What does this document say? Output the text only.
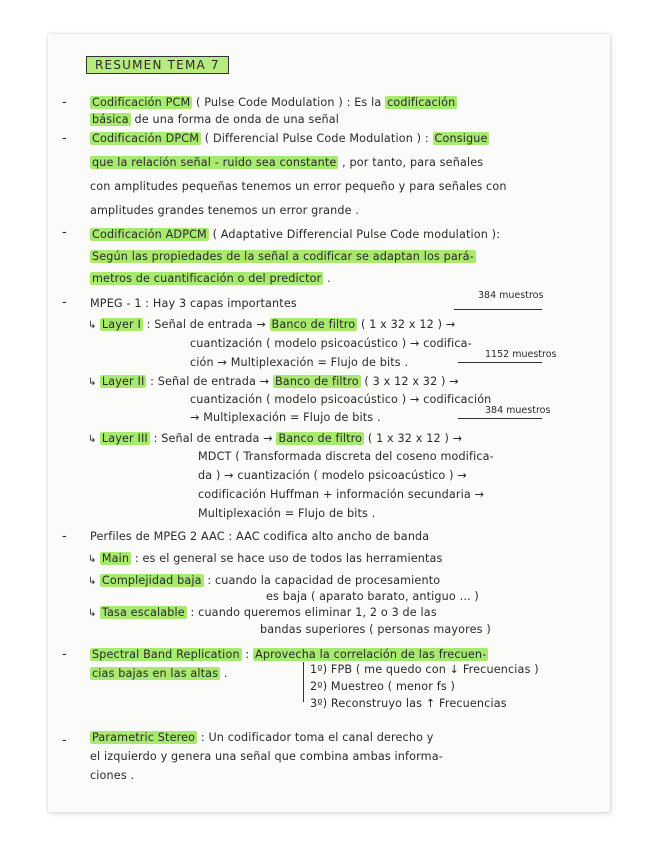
RESUMEN TEMA 7
- Codificación PCM ( Pulse Code Modulation ) : Es la codificación
básica de una forma de onda de una señal
- Codificación DPCM ( Differencial Pulse Code Modulation ) : Consigue
que la relación señal - ruido sea constante , por tanto, para señales
con amplitudes pequeñas tenemos un error pequeño y para señales con
amplitudes grandes tenemos un error grande .
- Codificación ADPCM ( Adaptative Differencial Pulse Code modulation ):
Según las propiedades de la señal a codificar se adaptan los pará-
metros de cuantificación o del predictor .
- MPEG - 1 : Hay 3 capas importantes
384 muestros
↳ Layer I : Señal de entrada → Banco de filtro ( 1 x 32 x 12 ) →
cuantización ( modelo psicoacústico ) → codifica-
ción → Multiplexación = Flujo de bits .
1152 muestros
↳ Layer II : Señal de entrada → Banco de filtro ( 3 x 12 x 32 ) →
cuantización ( modelo psicoacústico ) → codificación
→ Multiplexación = Flujo de bits .
384 muestros
↳ Layer III : Señal de entrada → Banco de filtro ( 1 x 32 x 12 ) →
MDCT ( Transformada discreta del coseno modifica-
da ) → cuantización ( modelo psicoacústico ) →
codificación Huffman + información secundaria →
Multiplexación = Flujo de bits .
- Perfiles de MPEG 2 AAC : AAC codifica alto ancho de banda
↳ Main : es el general se hace uso de todos las herramientas
↳ Complejidad baja : cuando la capacidad de procesamiento
es baja ( aparato barato, antiguo ... )
↳ Tasa escalable : cuando queremos eliminar 1, 2 o 3 de las
bandas superiores ( personas mayores )
- Spectral Band Replication : Aprovecha la correlación de las frecuen-
cias bajas en las altas .	1º) FPB ( me quedo con ↓ Frecuencias )
2º) Muestreo ( menor fs )
3º) Reconstruyo las ↑ Frecuencias
- Parametric Stereo : Un codificador toma el canal derecho y
el izquierdo y genera una señal que combina ambas informa-
ciones .
